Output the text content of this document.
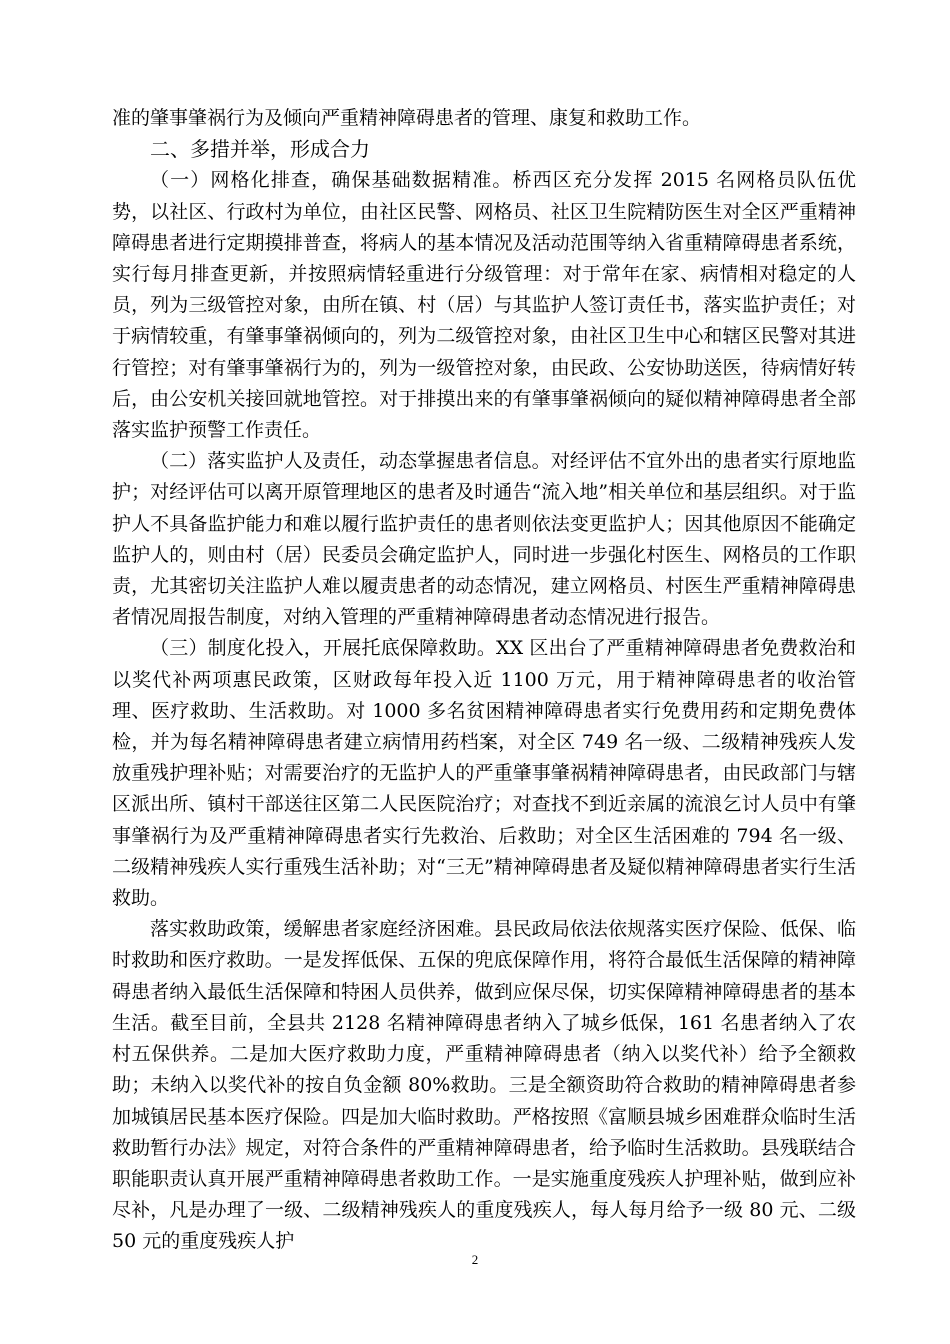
准的肇事肇祸行为及倾向严重精神障碍患者的管理、康复和救助工作。

二、多措并举，形成合力

（一）网格化排查，确保基础数据精准。桥西区充分发挥 2015 名网格员队伍优势，以社区、行政村为单位，由社区民警、网格员、社区卫生院精防医生对全区严重精神障碍患者进行定期摸排普查，将病人的基本情况及活动范围等纳入省重精障碍患者系统，实行每月排查更新，并按照病情轻重进行分级管理：对于常年在家、病情相对稳定的人员，列为三级管控对象，由所在镇、村（居）与其监护人签订责任书，落实监护责任；对于病情较重，有肇事肇祸倾向的，列为二级管控对象，由社区卫生中心和辖区民警对其进行管控；对有肇事肇祸行为的，列为一级管控对象，由民政、公安协助送医，待病情好转后，由公安机关接回就地管控。对于排摸出来的有肇事肇祸倾向的疑似精神障碍患者全部落实监护预警工作责任。

（二）落实监护人及责任，动态掌握患者信息。对经评估不宜外出的患者实行原地监护；对经评估可以离开原管理地区的患者及时通告“流入地”相关单位和基层组织。对于监护人不具备监护能力和难以履行监护责任的患者则依法变更监护人；因其他原因不能确定监护人的，则由村（居）民委员会确定监护人，同时进一步强化村医生、网格员的工作职责，尤其密切关注监护人难以履责患者的动态情况，建立网格员、村医生严重精神障碍患者情况周报告制度，对纳入管理的严重精神障碍患者动态情况进行报告。

（三）制度化投入，开展托底保障救助。XX 区出台了严重精神障碍患者免费救治和以奖代补两项惠民政策，区财政每年投入近 1100 万元，用于精神障碍患者的收治管理、医疗救助、生活救助。对 1000 多名贫困精神障碍患者实行免费用药和定期免费体检，并为每名精神障碍患者建立病情用药档案，对全区 749 名一级、二级精神残疾人发放重残护理补贴；对需要治疗的无监护人的严重肇事肇祸精神障碍患者，由民政部门与辖区派出所、镇村干部送往区第二人民医院治疗；对查找不到近亲属的流浪乞讨人员中有肇事肇祸行为及严重精神障碍患者实行先救治、后救助；对全区生活困难的 794 名一级、二级精神残疾人实行重残生活补助；对“三无”精神障碍患者及疑似精神障碍患者实行生活救助。

落实救助政策，缓解患者家庭经济困难。县民政局依法依规落实医疗保险、低保、临时救助和医疗救助。一是发挥低保、五保的兜底保障作用，将符合最低生活保障的精神障碍患者纳入最低生活保障和特困人员供养，做到应保尽保，切实保障精神障碍患者的基本生活。截至目前，全县共 2128 名精神障碍患者纳入了城乡低保，161 名患者纳入了农村五保供养。二是加大医疗救助力度，严重精神障碍患者（纳入以奖代补）给予全额救助；未纳入以奖代补的按自负金额 80%救助。三是全额资助符合救助的精神障碍患者参加城镇居民基本医疗保险。四是加大临时救助。严格按照《富顺县城乡困难群众临时生活救助暂行办法》规定，对符合条件的严重精神障碍患者，给予临时生活救助。县残联结合职能职责认真开展严重精神障碍患者救助工作。一是实施重度残疾人护理补贴，做到应补尽补，凡是办理了一级、二级精神残疾人的重度残疾人，每人每月给予一级 80 元、二级 50 元的重度残疾人护

2
